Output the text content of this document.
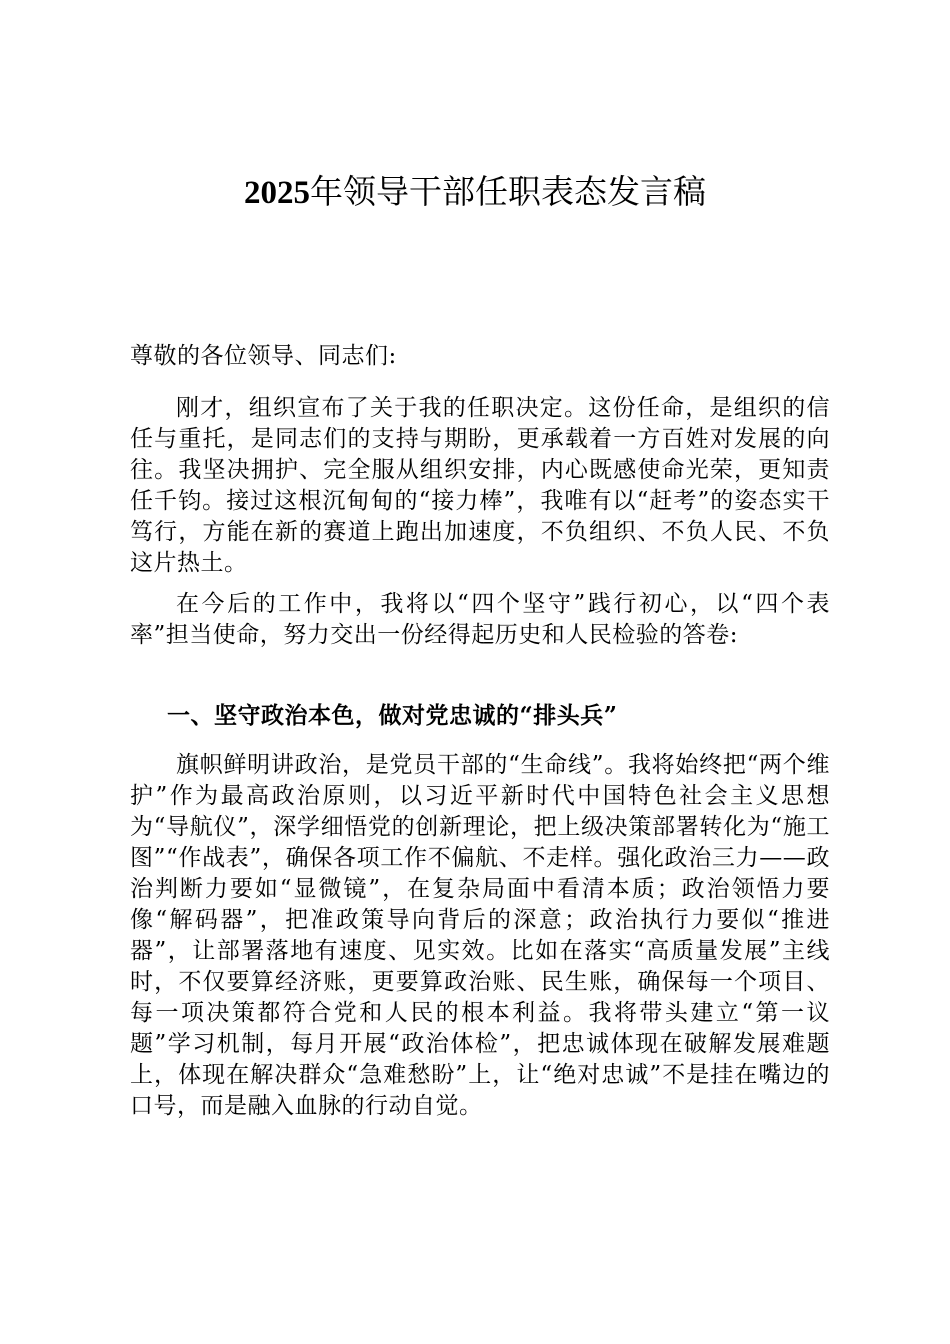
2025年领导干部任职表态发言稿
尊敬的各位领导、同志们:
刚才，组织宣布了关于我的任职决定。这份任命，是组织的信任与重托，是同志们的支持与期盼，更承载着一方百姓对发展的向往。我坚决拥护、完全服从组织安排，内心既感使命光荣，更知责任千钧。接过这根沉甸甸的“接力棒”，我唯有以“赶考”的姿态实干笃行，方能在新的赛道上跑出加速度，不负组织、不负人民、不负这片热土。
在今后的工作中，我将以“四个坚守”践行初心，以“四个表率”担当使命，努力交出一份经得起历史和人民检验的答卷:
一、坚守政治本色，做对党忠诚的“排头兵”
旗帜鲜明讲政治，是党员干部的“生命线”。我将始终把“两个维护”作为最高政治原则，以习近平新时代中国特色社会主义思想为“导航仪”，深学细悟党的创新理论，把上级决策部署转化为“施工图”“作战表”，确保各项工作不偏航、不走样。强化政治三力——政治判断力要如“显微镜”，在复杂局面中看清本质；政治领悟力要像“解码器”，把准政策导向背后的深意；政治执行力要似“推进器”，让部署落地有速度、见实效。比如在落实“高质量发展”主线时，不仅要算经济账，更要算政治账、民生账，确保每一个项目、每一项决策都符合党和人民的根本利益。我将带头建立“第一议题”学习机制，每月开展“政治体检”，把忠诚体现在破解发展难题上，体现在解决群众“急难愁盼”上，让“绝对忠诚”不是挂在嘴边的口号，而是融入血脉的行动自觉。
